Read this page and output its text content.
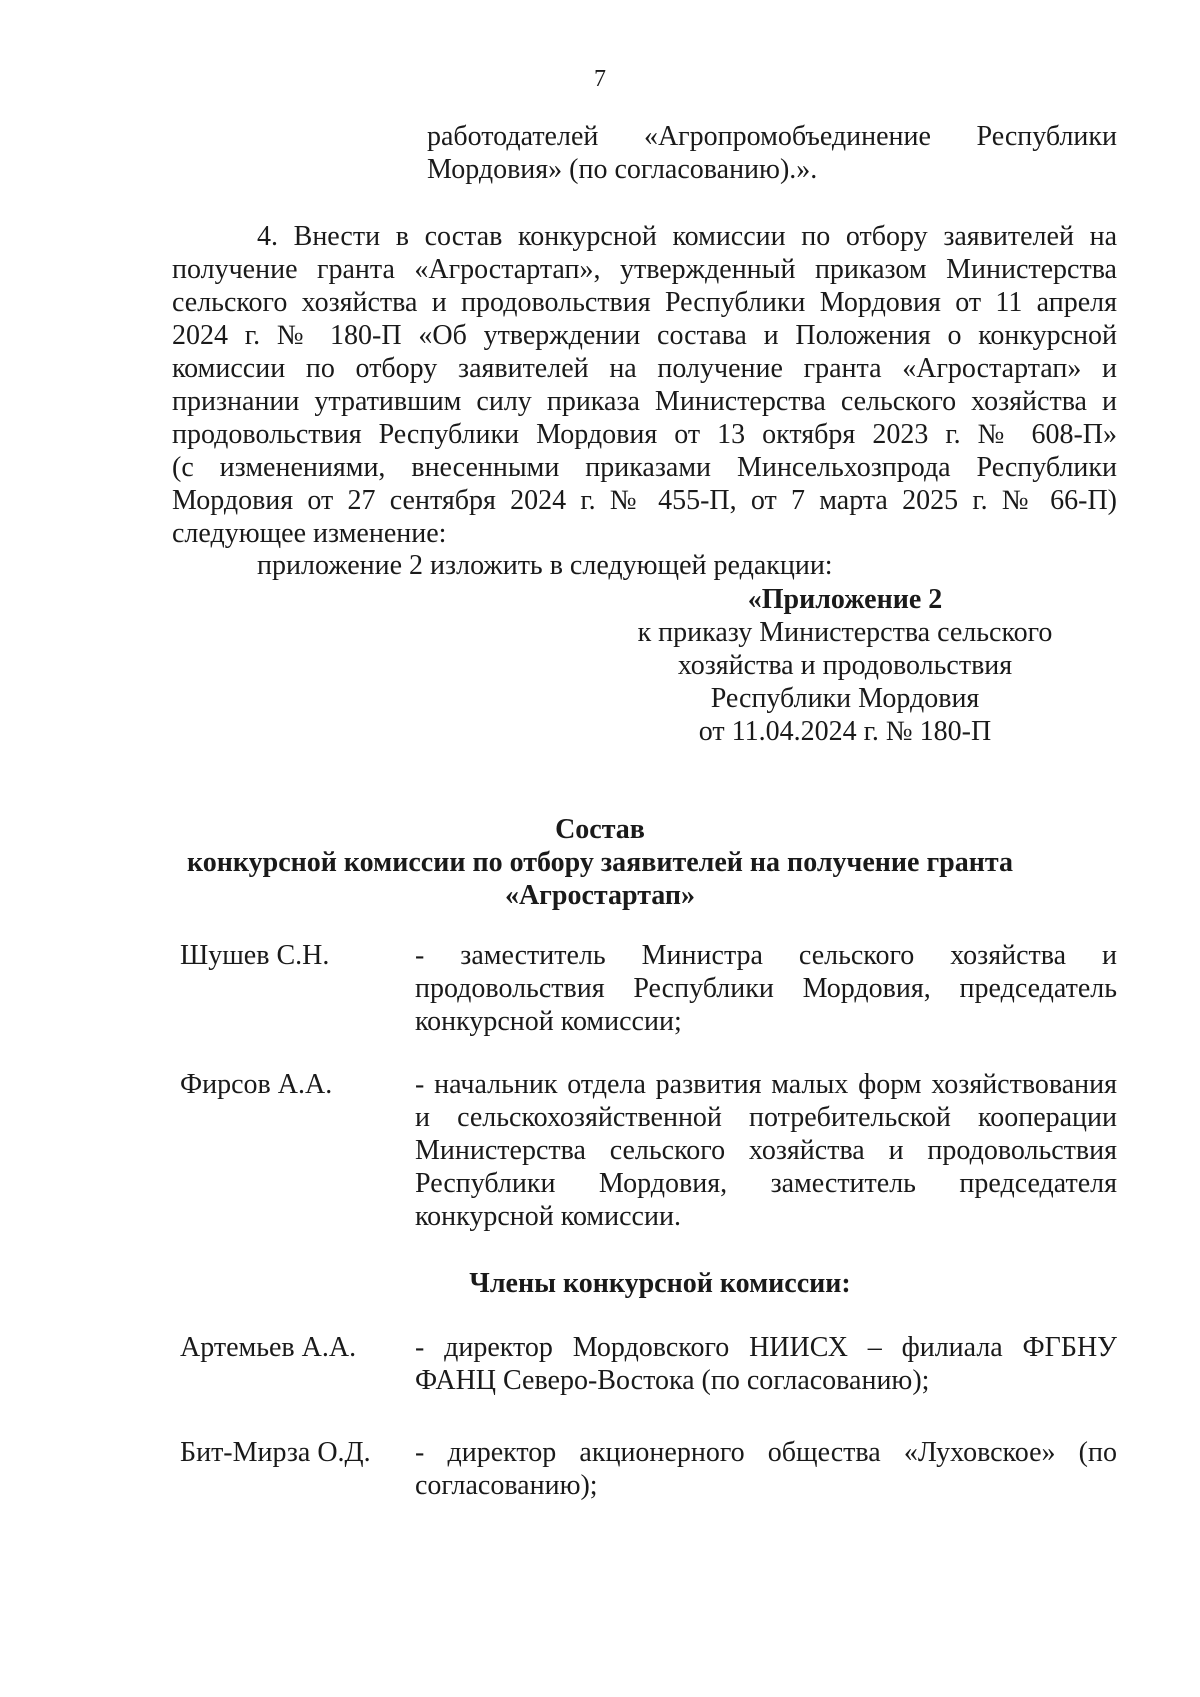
7
работодателей «Агропромобъединение Республики
Мордовия» (по согласованию).».
4. Внести в состав конкурсной комиссии по отбору заявителей на
получение гранта «Агростартап», утвержденный приказом Министерства
сельского хозяйства и продовольствия Республики Мордовия от 11 апреля
2024 г. № 180-П «Об утверждении состава и Положения о конкурсной
комиссии по отбору заявителей на получение гранта «Агростартап» и
признании утратившим силу приказа Министерства сельского хозяйства и
продовольствия Республики Мордовия от 13 октября 2023 г. № 608-П»
(с изменениями, внесенными приказами Минсельхозпрода Республики
Мордовия от 27 сентября 2024 г. № 455-П, от 7 марта 2025 г. № 66-П)
следующее изменение:
приложение 2 изложить в следующей редакции:
«Приложение 2
к приказу Министерства сельского
хозяйства и продовольствия
Республики Мордовия
от 11.04.2024 г. № 180-П
Состав
конкурсной комиссии по отбору заявителей на получение гранта
«Агростартап»
Шушев С.Н.	- заместитель Министра сельского хозяйства и
продовольствия Республики Мордовия, председатель
конкурсной комиссии;
Фирсов А.А.	- начальник отдела развития малых форм хозяйствования
и сельскохозяйственной потребительской кооперации
Министерства сельского хозяйства и продовольствия
Республики Мордовия, заместитель председателя
конкурсной комиссии.
Члены конкурсной комиссии:
Артемьев А.А.	- директор Мордовского НИИСХ – филиала ФГБНУ
ФАНЦ Северо-Востока (по согласованию);
Бит-Мирза О.Д.	- директор акционерного общества «Луховское» (по
согласованию);
